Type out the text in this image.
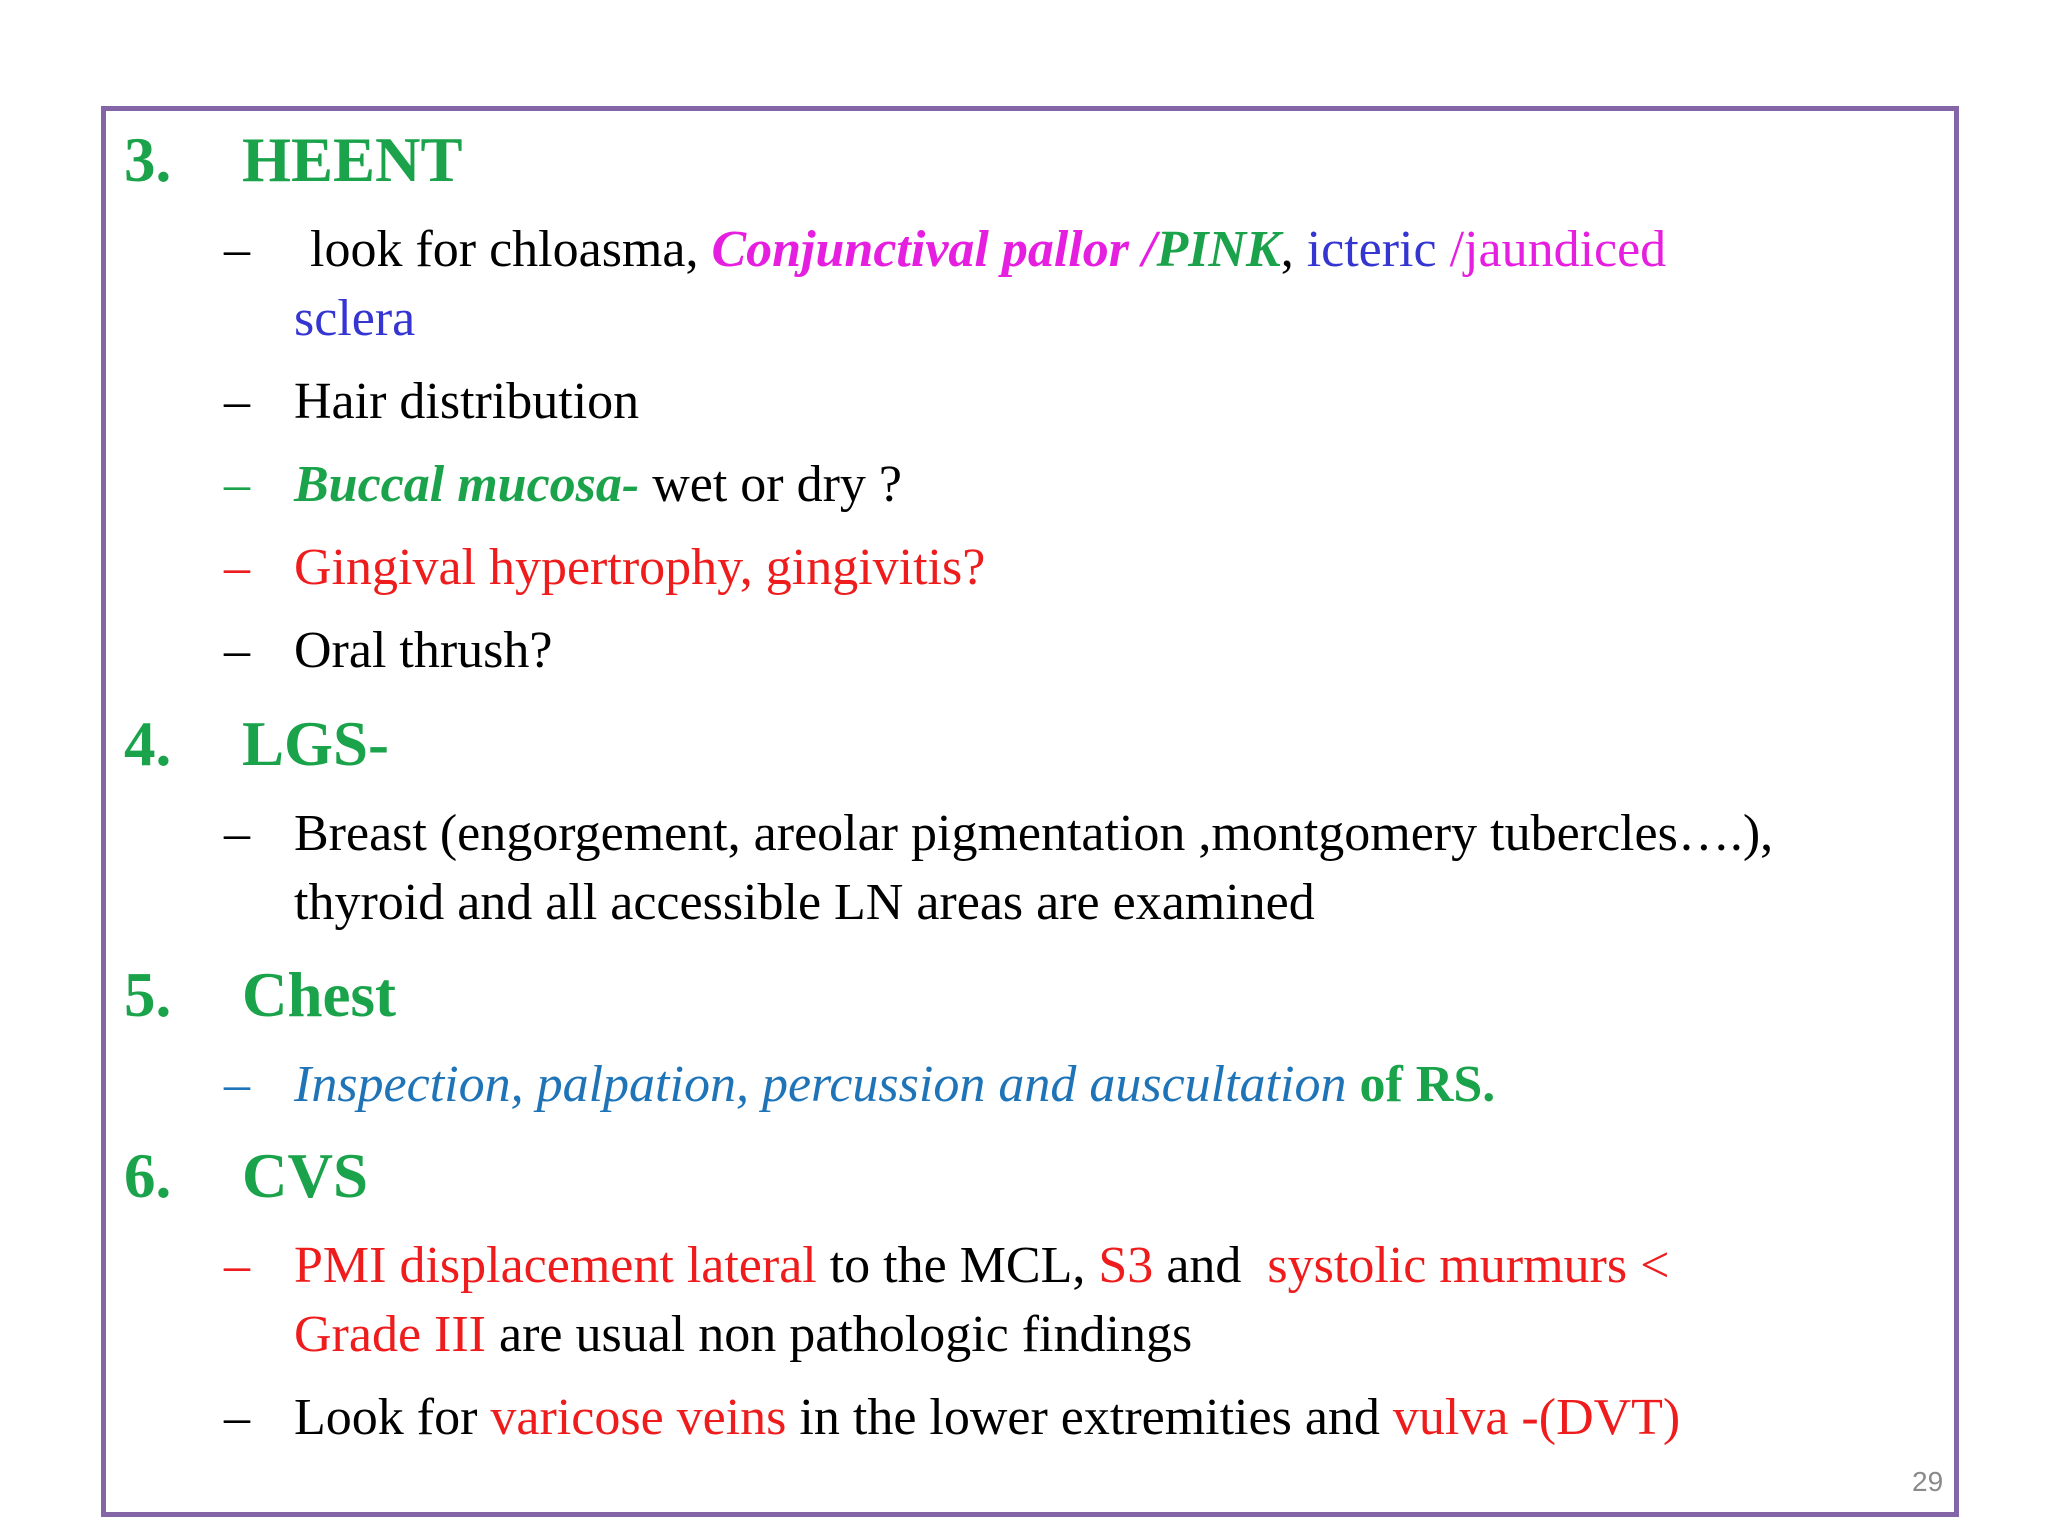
3. HEENT
– look for chloasma, Conjunctival pallor /PINK, icteric /jaundiced
sclera
– Hair distribution
– Buccal mucosa- wet or dry ?
– Gingival hypertrophy, gingivitis?
– Oral thrush?
4. LGS-
– Breast (engorgement, areolar pigmentation ,montgomery tubercles….),
thyroid and all accessible LN areas are examined
5. Chest
– Inspection, palpation, percussion and auscultation of RS.
6. CVS
– PMI displacement lateral to the MCL, S3 and  systolic murmurs <
Grade III are usual non pathologic findings
– Look for varicose veins in the lower extremities and vulva -(DVT)
29
